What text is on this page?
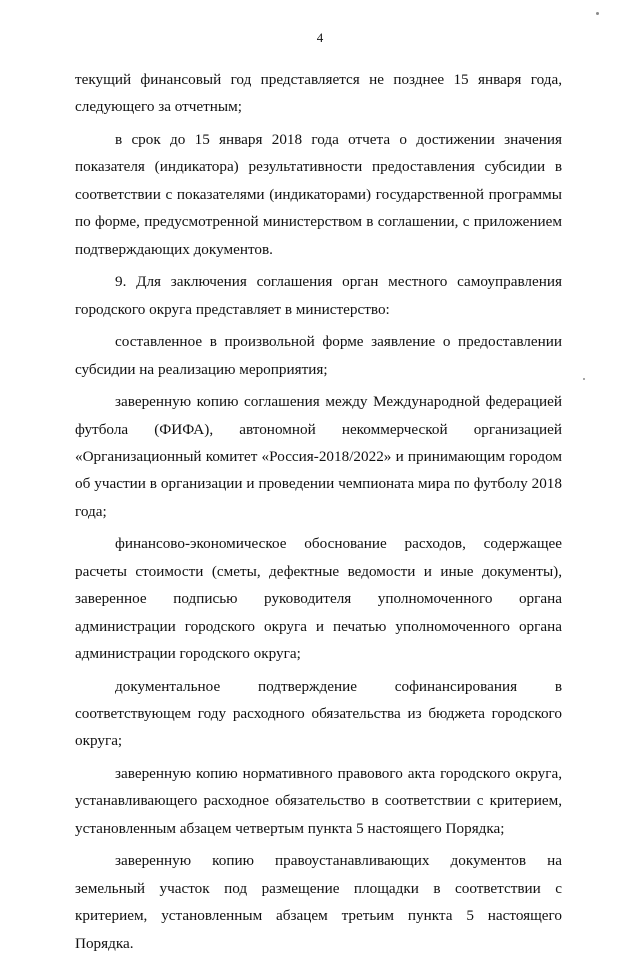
4

текущий финансовый год представляется не позднее 15 января года, следующего за отчетным;

в срок до 15 января 2018 года отчета о достижении значения показателя (индикатора) результативности предоставления субсидии в соответствии с показателями (индикаторами) государственной программы по форме, предусмотренной министерством в соглашении, с приложением подтверждающих документов.

9. Для заключения соглашения орган местного самоуправления городского округа представляет в министерство:

составленное в произвольной форме заявление о предоставлении субсидии на реализацию мероприятия;

заверенную копию соглашения между Международной федерацией футбола (ФИФА), автономной некоммерческой организацией «Организационный комитет «Россия-2018/2022» и принимающим городом об участии в организации и проведении чемпионата мира по футболу 2018 года;

финансово-экономическое обоснование расходов, содержащее расчеты стоимости (сметы, дефектные ведомости и иные документы), заверенное подписью руководителя уполномоченного органа администрации городского округа и печатью уполномоченного органа администрации городского округа;

документальное подтверждение софинансирования в соответствующем году расходного обязательства из бюджета городского округа;

заверенную копию нормативного правового акта городского округа, устанавливающего расходное обязательство в соответствии с критерием, установленным абзацем четвертым пункта 5 настоящего Порядка;

заверенную копию правоустанавливающих документов на земельный участок под размещение площадки в соответствии с критерием, установленным абзацем третьим пункта 5 настоящего Порядка.
